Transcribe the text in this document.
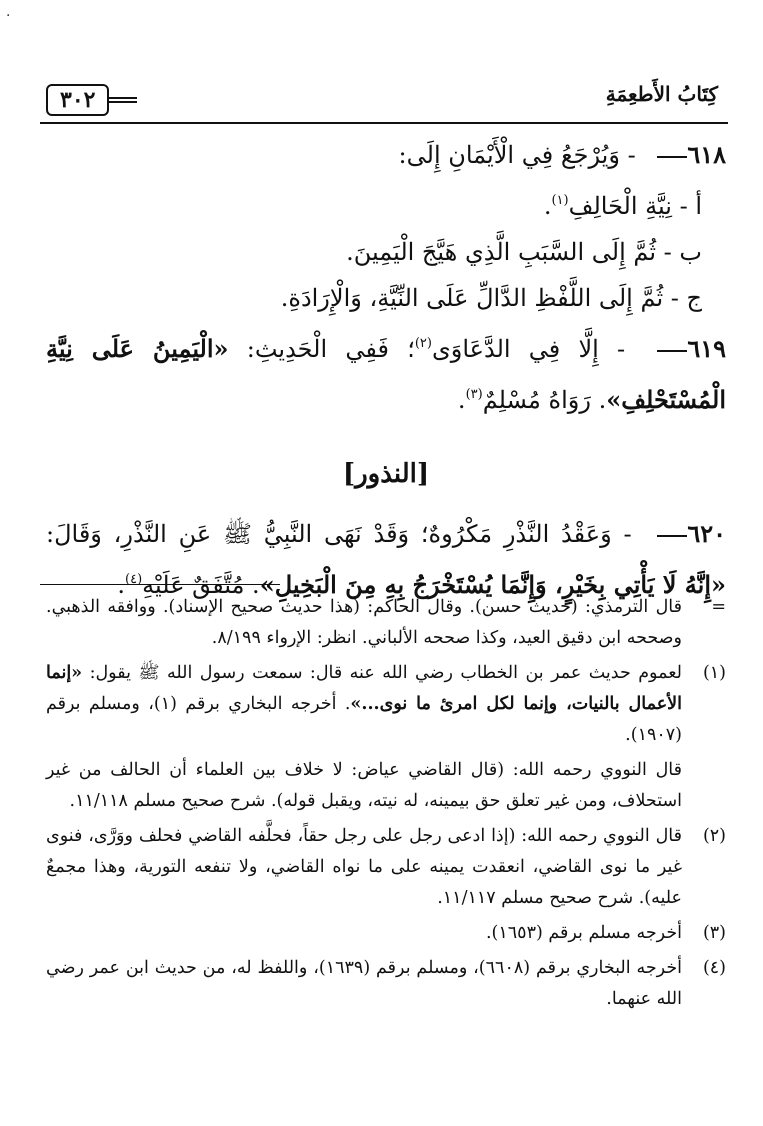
·
كِتَابُ الأَطعِمَةِ
٣٠٢

٦١٨ - وَيُرْجَعُ فِي الْأَيْمَانِ إِلَى:

أ - نِيَّةِ الْحَالِفِ$^{(١)}$.

ب - ثُمَّ إِلَى السَّبَبِ الَّذِي هَيَّجَ الْيَمِينَ.

ج - ثُمَّ إِلَى اللَّفْظِ الدَّالِّ عَلَى النِّيَّةِ، وَالْإِرَادَةِ.

٦١٩ - إِلَّا فِي الدَّعَاوَى$^{(٢)}$؛ فَفِي الْحَدِيثِ: «الْيَمِينُ عَلَى نِيَّةِ الْمُسْتَحْلِفِ». رَوَاهُ مُسْلِمٌ$^{(٣)}$.

[النذور]

٦٢٠ - وَعَقْدُ النَّذْرِ مَكْرُوهٌ؛ وَقَدْ نَهَى النَّبِيُّ ﷺ عَنِ النَّذْرِ، وَقَالَ: «إِنَّهُ لَا يَأْتِي بِخَيْرٍ، وَإِنَّمَا يُسْتَخْرَجُ بِهِ مِنَ الْبَخِيلِ». مُتَّفَقٌ عَلَيْهِ$^{(٤)}$.

=
قال الترمذي: (حديث حسن). وقال الحاكم: (هذا حديث صحيح الإسناد). ووافقه الذهبي. وصححه ابن دقيق العيد، وكذا صححه الألباني. انظر: الإرواء ٨/١٩٩.
(١)
لعموم حديث عمر بن الخطاب رضي الله عنه قال: سمعت رسول الله ﷺ يقول: «إنما الأعمال بالنيات، وإنما لكل امرئ ما نوى...». أخرجه البخاري برقم (١)، ومسلم برقم (١٩٠٧).

قال النووي رحمه الله: (قال القاضي عياض: لا خلاف بين العلماء أن الحالف من غير استحلاف، ومن غير تعلق حق بيمينه، له نيته، ويقبل قوله). شرح صحيح مسلم ١١/١١٨.

(٢)
قال النووي رحمه الله: (إذا ادعى رجل على رجل حقاً، فحلَّفه القاضي فحلف ووَرَّى، فنوى غير ما نوى القاضي، انعقدت يمينه على ما نواه القاضي، ولا تنفعه التورية، وهذا مجمعٌ عليه). شرح صحيح مسلم ١١/١١٧.
(٣)
أخرجه مسلم برقم (١٦٥٣).
(٤)
أخرجه البخاري برقم (٦٦٠٨)، ومسلم برقم (١٦٣٩)، واللفظ له، من حديث ابن عمر رضي الله عنهما.
